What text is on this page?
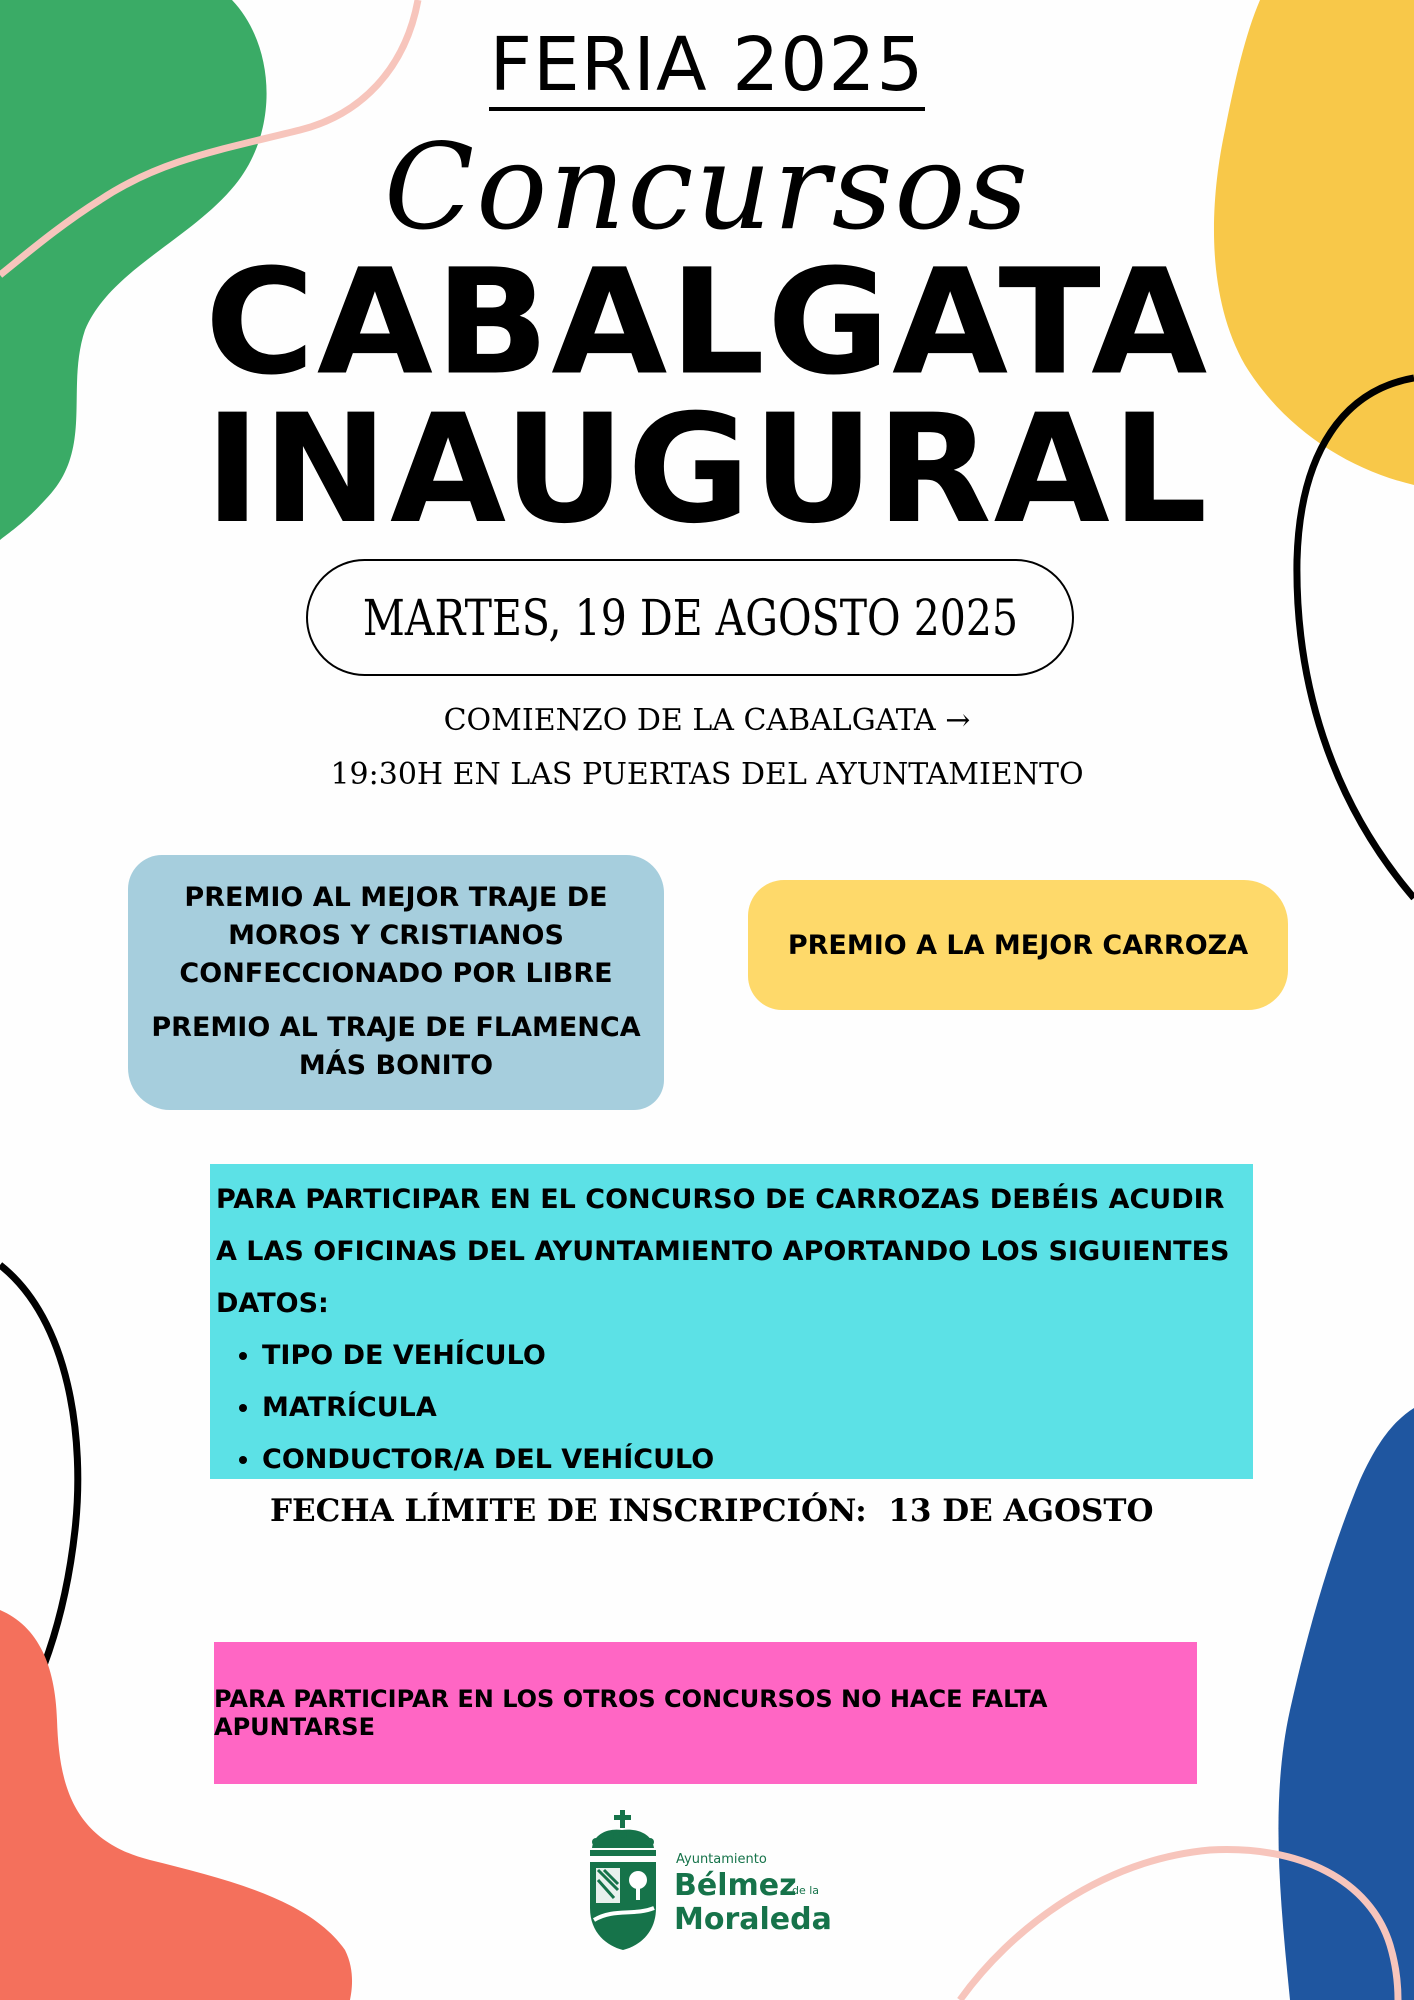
FERIA 2025
Concursos
CABALGATA
INAUGURAL
MARTES, 19 DE AGOSTO 2025
COMIENZO DE LA CABALGATA →
19:30H EN LAS PUERTAS DEL AYUNTAMIENTO

PREMIO AL MEJOR TRAJE DE MOROS Y CRISTIANOS CONFECCIONADO POR LIBRE

PREMIO AL TRAJE DE FLAMENCA MÁS BONITO

PREMIO A LA MEJOR CARROZA

PARA PARTICIPAR EN EL CONCURSO DE CARROZAS DEBÉIS ACUDIR A LAS OFICINAS DEL AYUNTAMIENTO APORTANDO LOS SIGUIENTES DATOS:

• TIPO DE VEHÍCULO
• MATRÍCULA
• CONDUCTOR/A DEL VEHÍCULO
FECHA LÍMITE DE INSCRIPCIÓN:  13 DE AGOSTO
PARA PARTICIPAR EN LOS OTROS CONCURSOS NO HACE FALTA APUNTARSE
Ayuntamiento
Bélmez
de la
Moraleda
